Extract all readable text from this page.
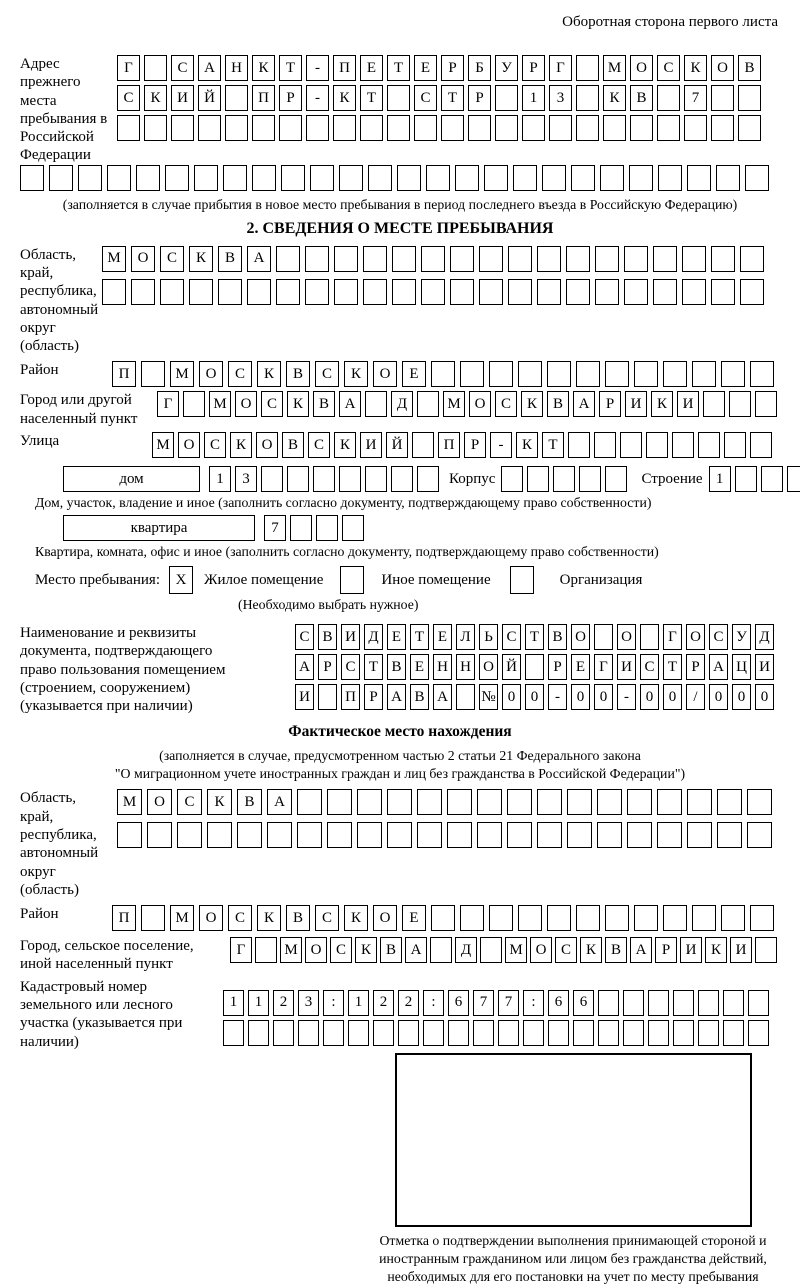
Оборотная сторона первого листа
Адрес прежнего места пребывания в Российской Федерации
Г	С	А	Н	К	Т	-	П	Е	Т	Е	Р	Б	У	Р	Г	М О	С	К	О	В
С	К	И	Й	П	Р	-	К	Т	С	Т	Р	1	3	К	В	7
(заполняется в случае прибытия в новое место пребывания в период последнего въезда в Российскую Федерацию)
2. СВЕДЕНИЯ О МЕСТЕ ПРЕБЫВАНИЯ
Область, край, республика, автономный округ (область)
М	О	С	К	В	А
Район	П	М	О	С	К	В	С	К	О	Е
Город или другой населенный пункт
Г	М О	С	К	В	А	Д	М О	С	К	В	А	Р	И	К	И
Улица	М О	С	К	О	В	С	К	И	Й	П	Р	-	К	Т
дом	1	3	Корпус	Строение 1
Дом, участок, владение и иное (заполнить согласно документу, подтверждающему право собственности)
квартира	7
Квартира, комната, офис и иное (заполнить согласно документу, подтверждающему право собственности)
Место пребывания:	X	Жилое помещение	Иное помещение	Организация
(Необходимо выбрать нужное)
Наименование и реквизиты документа, подтверждающего право пользования помещением (строением, сооружением) (указывается при наличии)
С В И Д Е Т Е Л Ь С Т В О О	Г О С У Д
А Р С Т В Е Н Н О Й	Р Е Г И С Т Р А Ц И
И П Р А В А № 0	0	-	0	0	-	0	0	/	0	0	0
Фактическое место нахождения
(заполняется в случае, предусмотренном частью 2 статьи 21 Федерального закона
"О миграционном учете иностранных граждан и лиц без гражданства в Российской Федерации")
Область, край, республика, автономный округ (область)
М	О	С	К	В	А
Район	П	М	О	С	К	В	С	К	О	Е
Город, сельское поселение, иной населенный пункт
Г	М О С К В А	Д	М О С К В А	Р	И К И
Кадастровый номер земельного или лесного участка (указывается при наличии)
1	1	2	3	:	1	2	2	:	6	7	7	:	6	6
Отметка о подтверждении выполнения принимающей стороной и иностранным гражданином или лицом без гражданства действий, необходимых для его постановки на учет по месту пребывания
